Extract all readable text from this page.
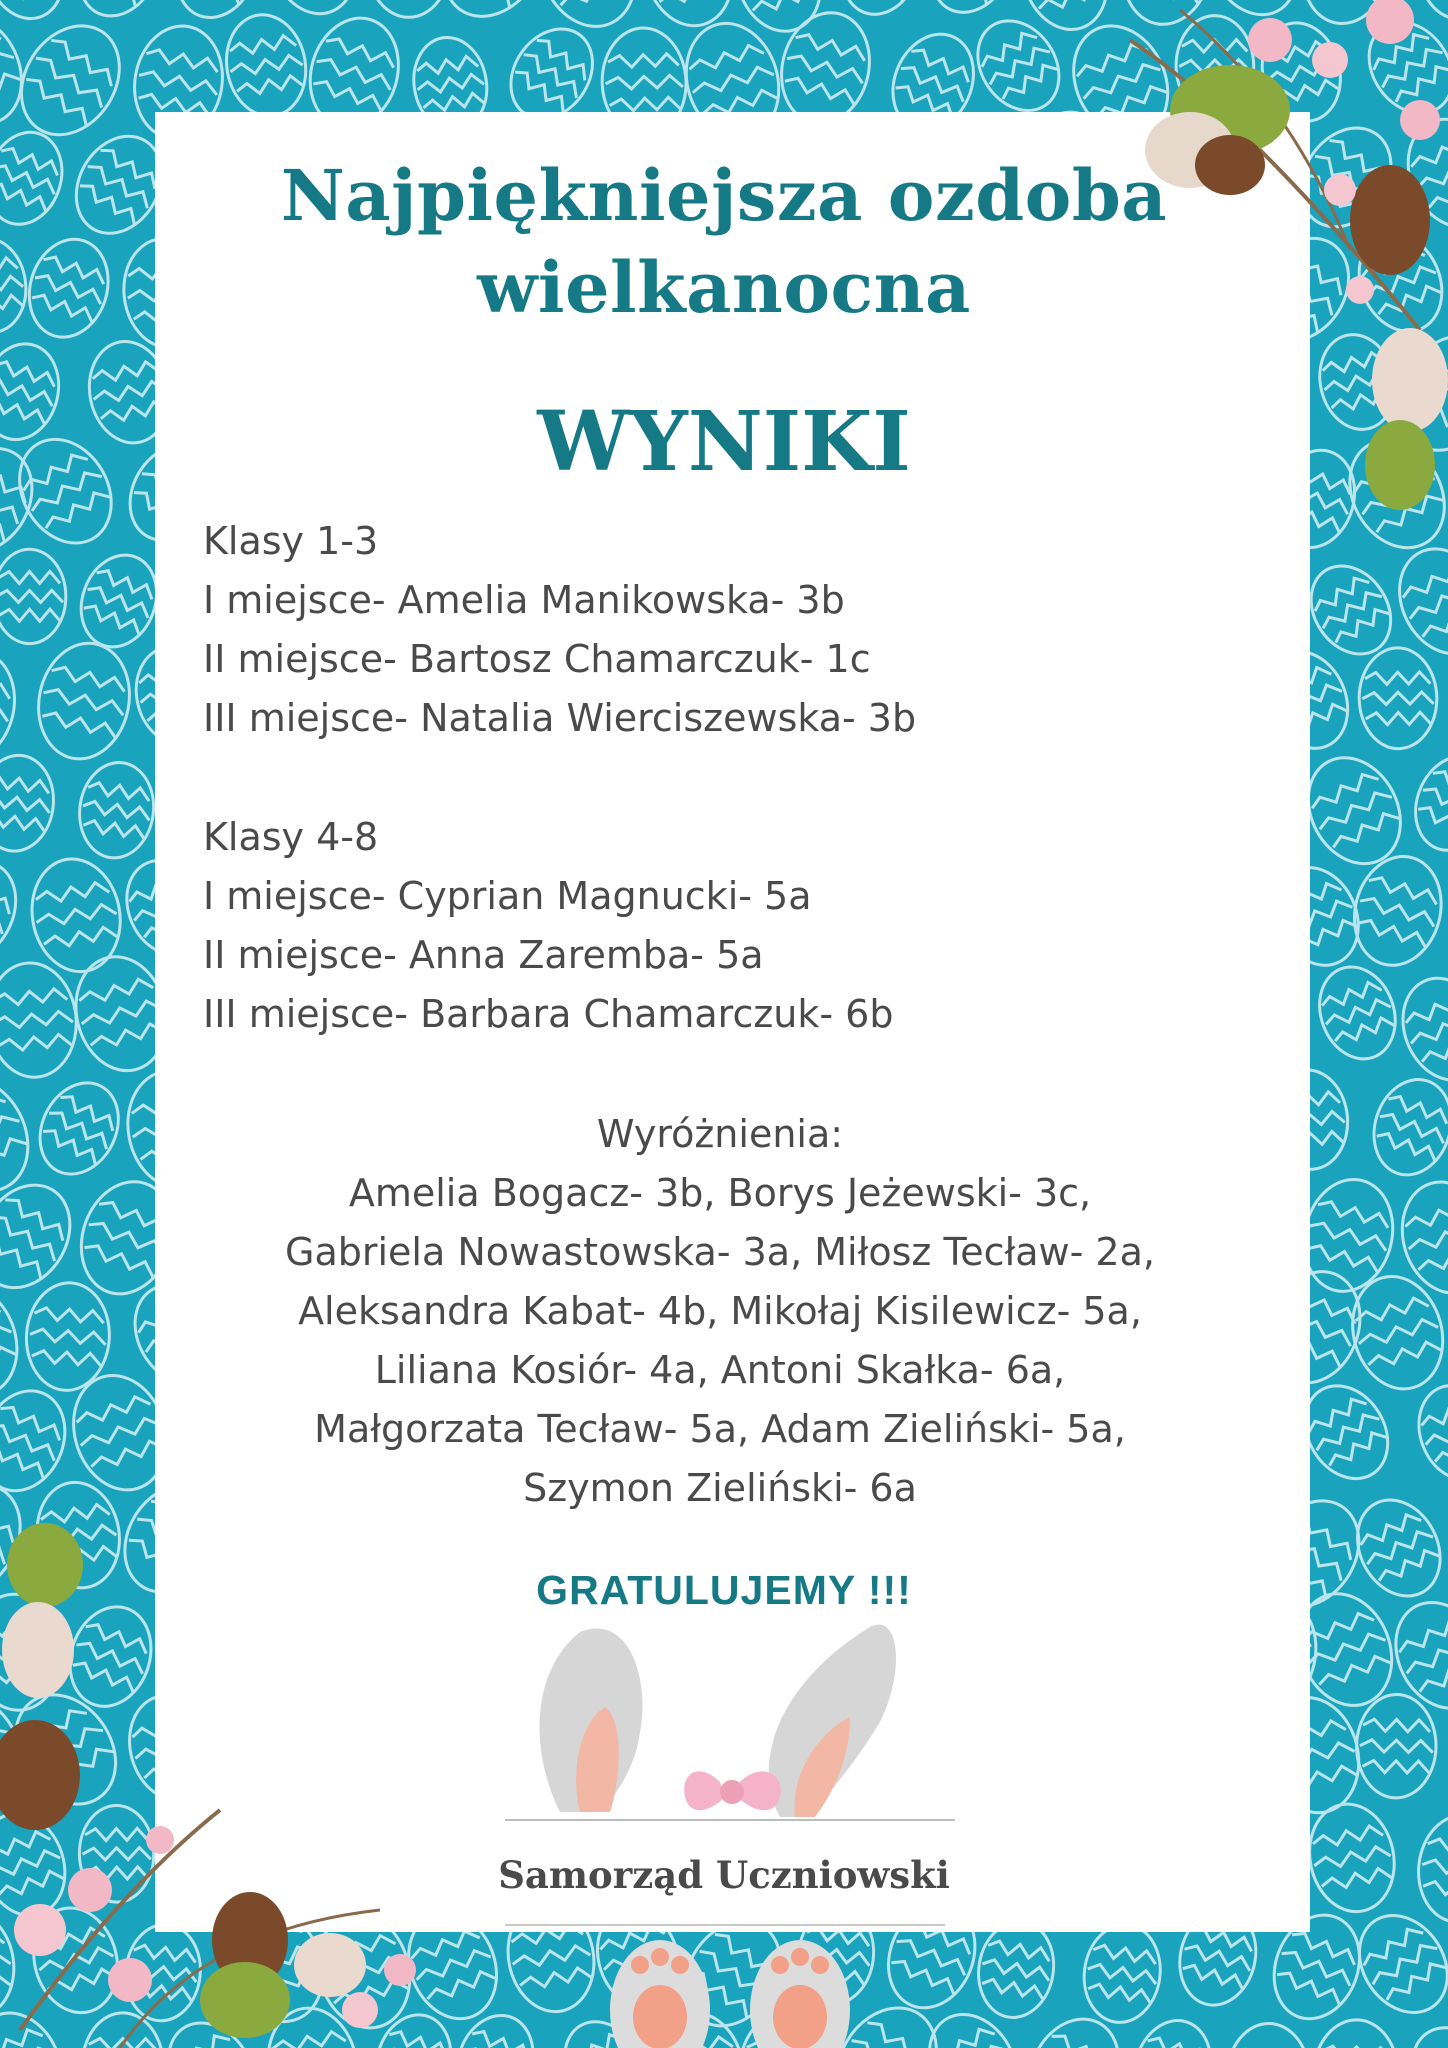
Najpiękniejsza ozdoba
wielkanocna
WYNIKI
Klasy 1-3
I miejsce- Amelia Manikowska- 3b
II miejsce- Bartosz Chamarczuk- 1c
III miejsce- Natalia Wierciszewska- 3b
Klasy 4-8
I miejsce- Cyprian Magnucki- 5a
II miejsce- Anna Zaremba- 5a
III miejsce- Barbara Chamarczuk- 6b
Wyróżnienia:
Amelia Bogacz- 3b, Borys Jeżewski- 3c,
Gabriela Nowastowska- 3a, Miłosz Tecław- 2a,
Aleksandra Kabat- 4b, Mikołaj Kisilewicz- 5a,
Liliana Kosiór- 4a, Antoni Skałka- 6a,
Małgorzata Tecław- 5a, Adam Zieliński- 5a,
Szymon Zieliński- 6a
GRATULUJEMY !!!
Samorząd Uczniowski
